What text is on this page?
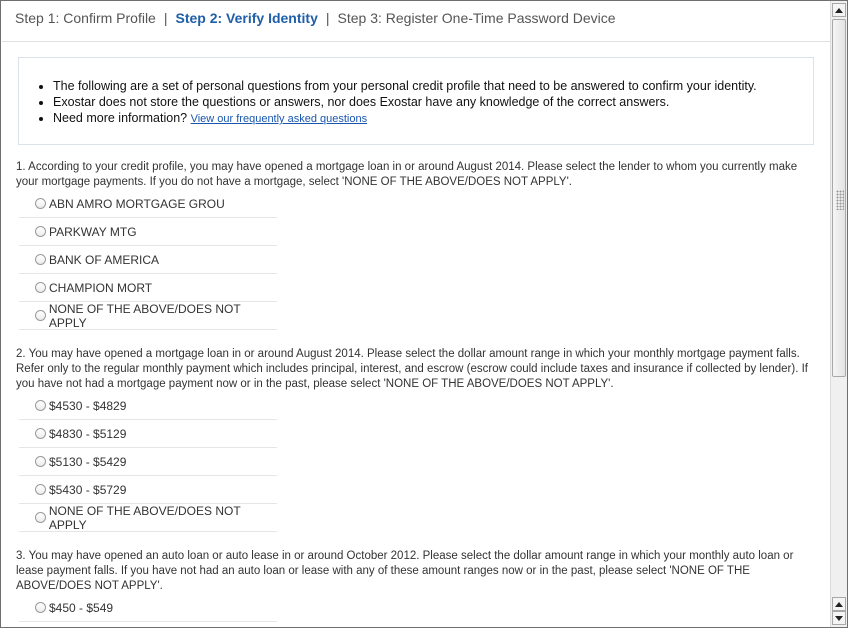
Step 1: Confirm Profile | Step 2: Verify Identity | Step 3: Register One-Time Password Device
• The following are a set of personal questions from your personal credit profile that need to be answered to confirm your identity.
• Exostar does not store the questions or answers, nor does Exostar have any knowledge of the correct answers.
• Need more information? View our frequently asked questions
1. According to your credit profile, you may have opened a mortgage loan in or around August 2014. Please select the lender to whom you currently make your mortgage payments. If you do not have a mortgage, select 'NONE OF THE ABOVE/DOES NOT APPLY'.
ABN AMRO MORTGAGE GROU
PARKWAY MTG
BANK OF AMERICA
CHAMPION MORT
NONE OF THE ABOVE/DOES NOT APPLY
2. You may have opened a mortgage loan in or around August 2014. Please select the dollar amount range in which your monthly mortgage payment falls. Refer only to the regular monthly payment which includes principal, interest, and escrow (escrow could include taxes and insurance if collected by lender). If you have not had a mortgage payment now or in the past, please select 'NONE OF THE ABOVE/DOES NOT APPLY'.
$4530 - $4829
$4830 - $5129
$5130 - $5429
$5430 - $5729
NONE OF THE ABOVE/DOES NOT APPLY
3. You may have opened an auto loan or auto lease in or around October 2012. Please select the dollar amount range in which your monthly auto loan or lease payment falls. If you have not had an auto loan or lease with any of these amount ranges now or in the past, please select 'NONE OF THE ABOVE/DOES NOT APPLY'.
$450 - $549
